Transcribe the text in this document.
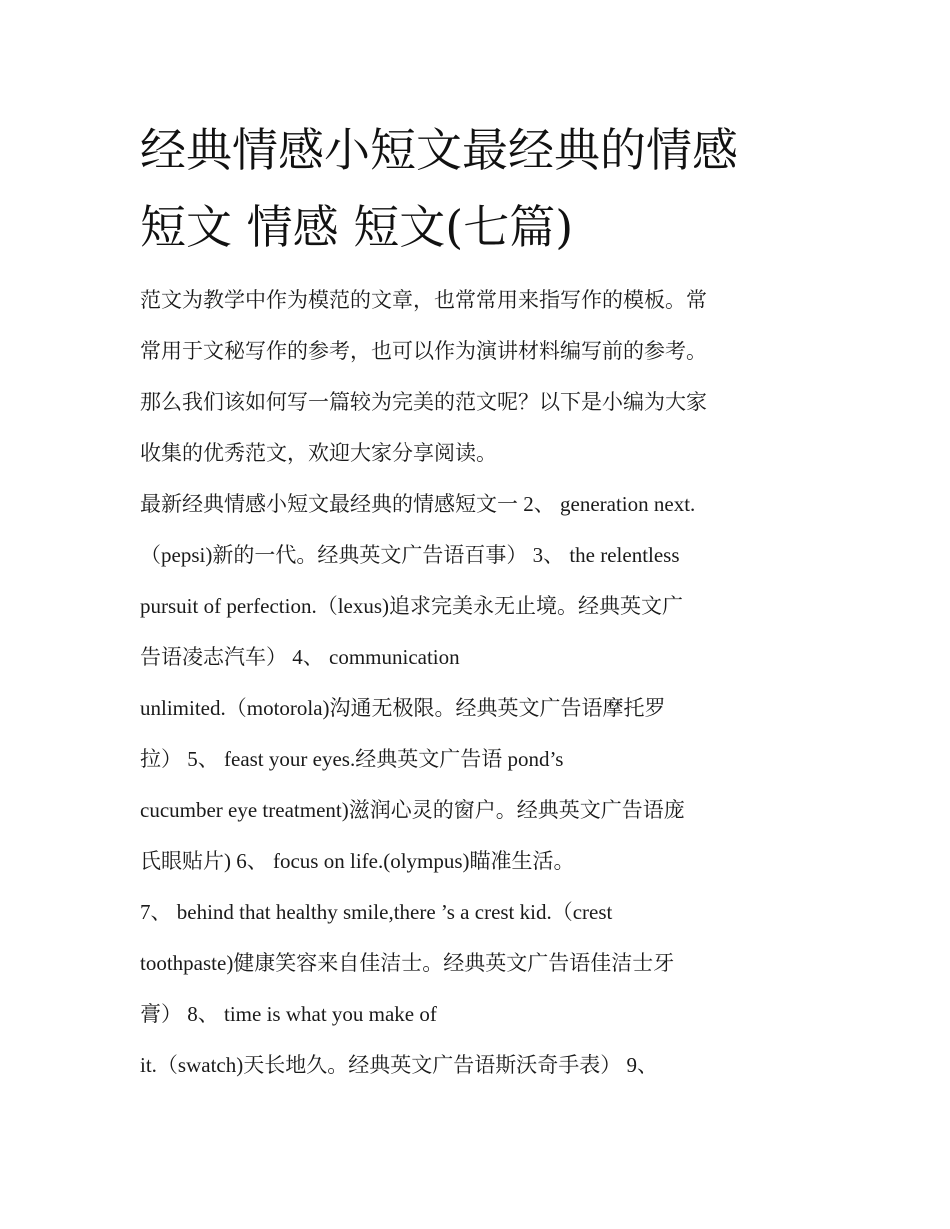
经典情感小短文最经典的情感
短文 情感 短文(七篇)
范文为教学中作为模范的文章，也常常用来指写作的模板。常
常用于文秘写作的参考，也可以作为演讲材料编写前的参考。
那么我们该如何写一篇较为完美的范文呢？以下是小编为大家
收集的优秀范文，欢迎大家分享阅读。
最新经典情感小短文最经典的情感短文一 2、 generation next.
（pepsi)新的一代。经典英文广告语百事） 3、 the relentless
pursuit of perfection.（lexus)追求完美永无止境。经典英文广
告语凌志汽车） 4、 communication
unlimited.（motorola)沟通无极限。经典英文广告语摩托罗
拉） 5、 feast your eyes.经典英文广告语 pond’s
cucumber eye treatment)滋润心灵的窗户。经典英文广告语庞
氏眼贴片) 6、 focus on life.(olympus)瞄准生活。
7、 behind that healthy smile,there ’s a crest kid.（crest
toothpaste)健康笑容来自佳洁士。经典英文广告语佳洁士牙
膏） 8、 time is what you make of
it.（swatch)天长地久。经典英文广告语斯沃奇手表） 9、
